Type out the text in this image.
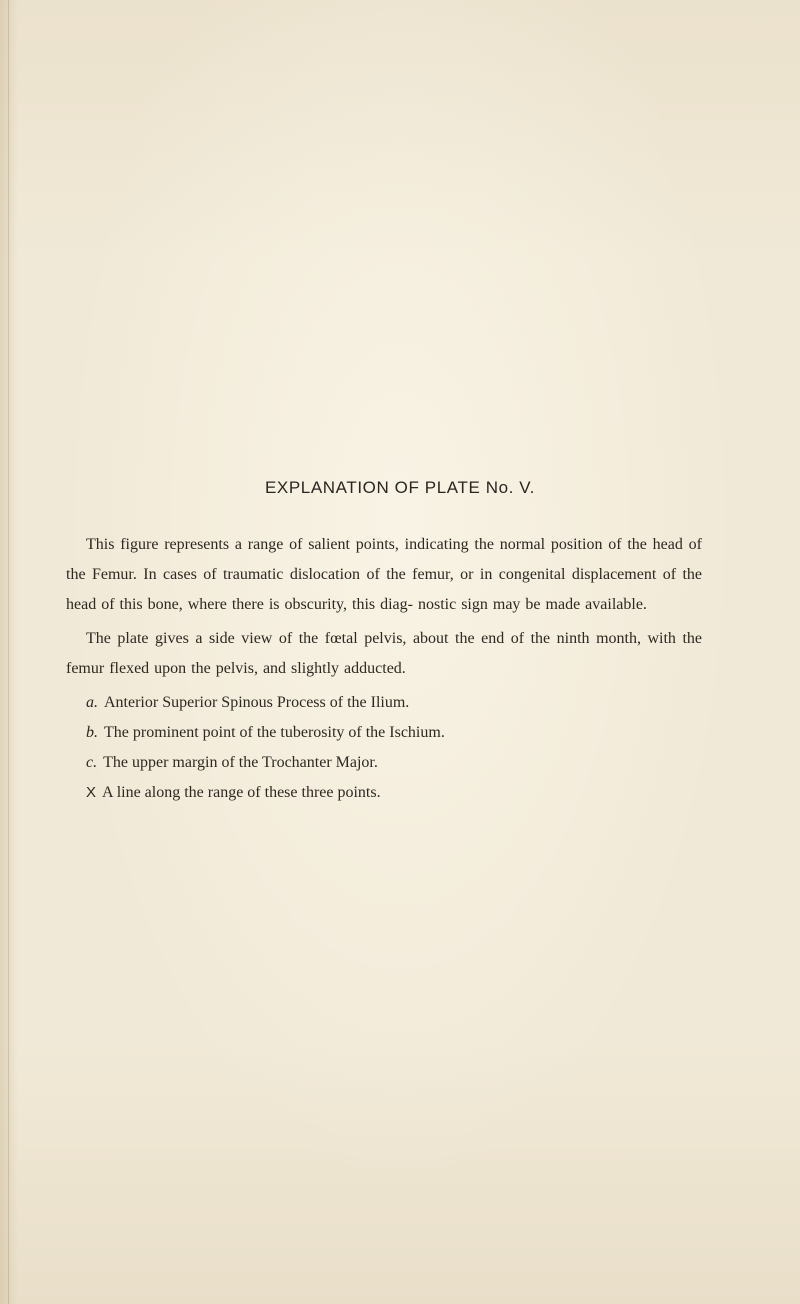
EXPLANATION OF PLATE No. V.

This figure represents a range of salient points, indicating the normal position of the head of the Femur. In cases of traumatic dislocation of the femur, or in congenital displacement of the head of this bone, where there is obscurity, this diag- nostic sign may be made available.

The plate gives a side view of the fœtal pelvis, about the end of the ninth month, with the femur flexed upon the pelvis, and slightly adducted.

a. Anterior Superior Spinous Process of the Ilium.
b. The prominent point of the tuberosity of the Ischium.
c. The upper margin of the Trochanter Major.
X A line along the range of these three points.
